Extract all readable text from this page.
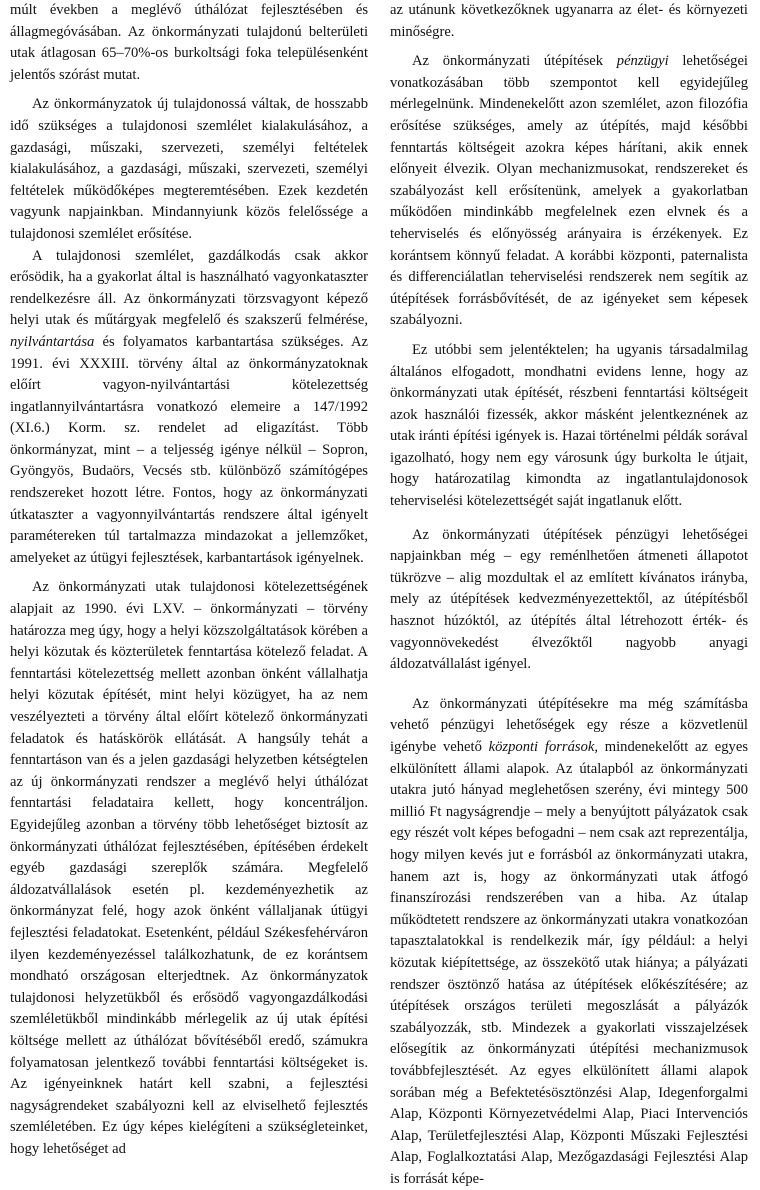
múlt években a meglévő úthálózat fejlesztésében és állagmegóvásában. Az önkormányzati tulajdonú belterületi utak átlagosan 65–70%-os burkoltsági foka településenként jelentős szórást mutat.

Az önkormányzatok új tulajdonossá váltak, de hosszabb idő szükséges a tulajdonosi szemlélet kialakulásához, a gazdasági, műszaki, szervezeti, személyi feltételek kialakulásához, a gazdasági, műszaki, szervezeti, személyi feltételek működőképes megteremtésében. Ezek kezdetén vagyunk napjainkban. Mindannyiunk közös felelőssége a tulajdonosi szemlélet erősítése.

A tulajdonosi szemlélet, gazdálkodás csak akkor erősödik, ha a gyakorlat által is használható vagyonkataszter rendelkezésre áll. Az önkormányzati törzsvagyont képező helyi utak és műtárgyak megfelelő és szakszerű felmérése, nyilvántartása és folyamatos karbantartása szükséges. Az 1991. évi XXXIII. törvény által az önkormányzatoknak előírt vagyon-nyilvántartási kötelezettség ingatlannyilvántartásra vonatkozó elemeire a 147/1992 (XI.6.) Korm. sz. rendelet ad eligazítást. Több önkormányzat, mint – a teljesség igénye nélkül – Sopron, Gyöngyös, Budaörs, Vecsés stb. különböző számítógépes rendszereket hozott létre. Fontos, hogy az önkormányzati útkataszter a vagyonnyilvántartás rendszere által igényelt paramétereken túl tartalmazza mindazokat a jellemzőket, amelyeket az útügyi fejlesztések, karbantartások igényelnek.

Az önkormányzati utak tulajdonosi kötelezettségének alapjait az 1990. évi LXV. – önkormányzati – törvény határozza meg úgy, hogy a helyi közszolgáltatások körében a helyi közutak és közterületek fenntartása kötelező feladat. A fenntartási kötelezettség mellett azonban önként vállalhatja helyi közutak építését, mint helyi közügyet, ha az nem veszélyezteti a törvény által előírt kötelező önkormányzati feladatok és hatáskörök ellátását. A hangsúly tehát a fenntartáson van és a jelen gazdasági helyzetben kétségtelen az új önkormányzati rendszer a meglévő helyi úthálózat fenntartási feladataira kellett, hogy koncentráljon. Egyidejűleg azonban a törvény több lehetőséget biztosít az önkormányzati úthálózat fejlesztésében, építésében érdekelt egyéb gazdasági szereplők számára. Megfelelő áldozatvállalások esetén pl. kezdeményezhetik az önkormányzat felé, hogy azok önként vállaljanak útügyi fejlesztési feladatokat. Esetenként, például Székesfehérváron ilyen kezdeményezéssel találkozhatunk, de ez korántsem mondható országosan elterjedtnek. Az önkormányzatok tulajdonosi helyzetükből és erősödő vagyongazdálkodási szemléletükből mindinkább mérlegelik az új utak építési költsége mellett az úthálózat bővítéséből eredő, számukra folyamatosan jelentkező további fenntartási költségeket is. Az igényeinknek határt kell szabni, a fejlesztési nagyságrendeket szabályozni kell az elviselhető fejlesztés szemléletében. Ez úgy képes kielégíteni a szükségleteinket, hogy lehetőséget ad

az utánunk következőknek ugyanarra az élet- és környezeti minőségre.

Az önkormányzati útépítések pénzügyi lehetőségei vonatkozásában több szempontot kell egyidejűleg mérlegelnünk. Mindenekelőtt azon szemlélet, azon filozófia erősítése szükséges, amely az útépítés, majd későbbi fenntartás költségeit azokra képes hárítani, akik ennek előnyeit élvezik. Olyan mechanizmusokat, rendszereket és szabályozást kell erősítenünk, amelyek a gyakorlatban működően mindinkább megfelelnek ezen elvnek és a teherviselés és előnyösség arányaira is érzékenyek. Ez korántsem könnyű feladat. A korábbi központi, paternalista és differenciálatlan teherviselési rendszerek nem segítik az útépítések forrásbővítését, de az igényeket sem képesek szabályozni.

Ez utóbbi sem jelentéktelen; ha ugyanis társadalmilag általános elfogadott, mondhatni evidens lenne, hogy az önkormányzati utak építését, részbeni fenntartási költségeit azok használói fizessék, akkor másként jelentkeznének az utak iránti építési igények is. Hazai történelmi példák sorával igazolható, hogy nem egy városunk úgy burkolta le útjait, hogy határozatilag kimondta az ingatlantulajdonosok teherviselési kötelezettségét saját ingatlanuk előtt.

Az önkormányzati útépítések pénzügyi lehetőségei napjainkban még – egy reménlhetően átmeneti állapotot tükrözve – alig mozdultak el az említett kívánatos irányba, mely az útépítések kedvezményezettektől, az útépítésből hasznot húzóktól, az útépítés által létrehozott érték- és vagyonnövekedést élvezőktől nagyobb anyagi áldozatvállalást igényel.

Az önkormányzati útépítésekre ma még számításba vehető pénzügyi lehetőségek egy része a közvetlenül igénybe vehető központi források, mindenekelőtt az egyes elkülönített állami alapok. Az útalapból az önkormányzati utakra jutó hányad meglehetősen szerény, évi mintegy 500 millió Ft nagyságrendje – mely a benyújtott pályázatok csak egy részét volt képes befogadni – nem csak azt reprezentálja, hogy milyen kevés jut e forrásból az önkormányzati utakra, hanem azt is, hogy az önkormányzati utak átfogó finanszírozási rendszerében van a hiba. Az útalap működtetett rendszere az önkormányzati utakra vonatkozóan tapasztalatokkal is rendelkezik már, így például: a helyi közutak kiépítettsége, az összekötő utak hiánya; a pályázati rendszer ösztönző hatása az útépítések előkészítésére; az útépítések országos területi megoszlását a pályázók szabályozzák, stb. Mindezek a gyakorlati visszajelzések elősegítik az önkormányzati útépítési mechanizmusok továbbfejlesztését. Az egyes elkülönített állami alapok sorában még a Befektetésösztönzési Alap, Idegenforgalmi Alap, Központi Környezetvédelmi Alap, Piaci Intervenciós Alap, Területfejlesztési Alap, Központi Műszaki Fejlesztési Alap, Foglalkoztatási Alap, Mezőgazdasági Fejlesztési Alap is forrását képe-
